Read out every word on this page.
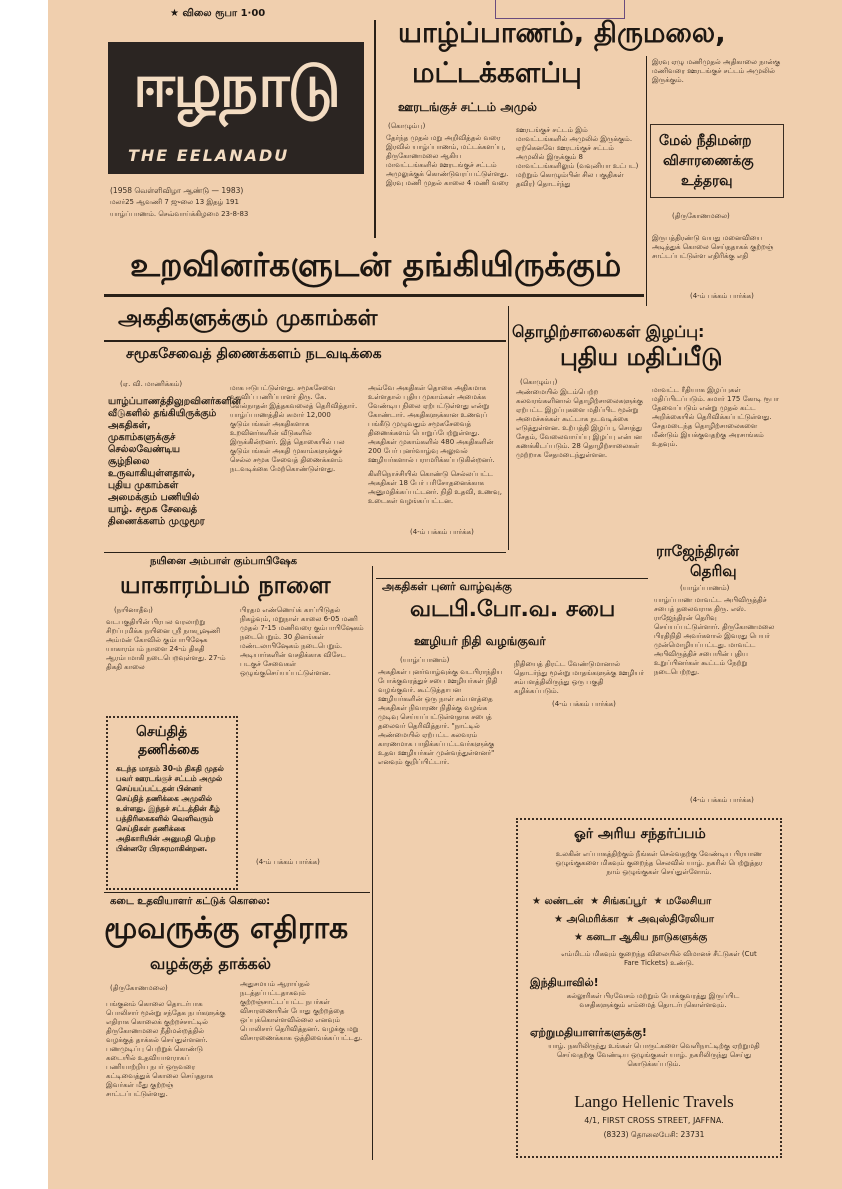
★ விலை ரூபா 1·00
ஈழநாடு
THE EELANADU
(1958 வெள்ளிவிழா ஆண்டு — 1983)
மலர்25 ஆவணி 7 ஜுலை 13 இதழ் 191
யாழ்ப்பாணம். செவ்வாய்க்கிழமை 23-8-83
யாழ்ப்பாணம், திருமலை,
மட்டக்களப்பு
ஊரடங்குச் சட்டம் அமுல்
(கொழும்பு)
தேர்ந்த முதல் மறு அறிவித்தல் வரை இரவில் யாழ்ப்பாணம், மட்டக்களப்பு, திருகோணமலை ஆகிய மாவட்டங்களில் ஊரடங்குச் சட்டம் அமுலுக்குக் கொண்டுவரப்பட்டுள்ளது. இரவு மணி முதல் காலை 4 மணி வரை
ஊரடங்குச் சட்டம் இம் மாவட்டங்களில் அமுலில் இருக்கும். ஏற்கெனவே ஊரடங்குச் சட்டம் அமுலில் இருக்கும் 8 மாவட்டங்களிலும் (வவுனியா உட்பட) மற்றும் கொழும்பின் சில பகுதிகள் தவிர) தொடர்ந்து
இரவு ஏழு மணிமுதல் அதிகாலை நான்கு மணிவரை ஊரடங்குச் சட்டம் அமுலில் இருக்கும்.
மேல் நீதிமன்ற
விசாரணைக்கு
உத்தரவு
(திருகோணமலை)
இருபத்திரண்டு வயது மனைவியை அடித்துக் கொலை செய்ததாகக் குற்றஞ் சாட்டப்பட்டுள்ள எதிரிக்கு எதி
(4-ம் பக்கம் பார்க்க)
உறவினர்களுடன் தங்கியிருக்கும்
அகதிகளுக்கும் முகாம்கள்
சமூகசேவைத் திணைக்களம் நடவடிக்கை
(ஏ. வி. மாணிக்கம்)
யாழ்ப்பாணத்திலுறவினர்களின் வீடுகளில் தங்கியிருக்கும் அகதிகள், முகாம்களுக்குச் செல்லவேண்டிய சூழ்நிலை உருவாகியுள்ளதால், புதிய முகாம்கள் அமைக்கும் பணியில் யாழ். சமூக சேவைத் திணைக்களம் முழுமூர
மாக ஈடுபட்டுள்ளது. சமூகசேவை உதவிப் பணிப்பாளர் திரு. கே. வேல்நாதன் இத்தகவலைத் தெரிவித்தார். யாழ்ப்பாணத்தில் சுமார் 12,000 குடும்பங்கள் அகதிகளாக உறவினர்களின் வீடுகளில் இருக்கின்றனர். இத் தொகையில் பல குடும்பங்கள் அகதி முகாம்களுக்குச் செல்ல சமூக சேவைத் திணைக்களம் நடவடிக்கை மேற்கொண்டுள்ளது.
அவ்வே அகதிகள் தொகை அதிகமாக உள்ளதால் புதிய முகாம்கள் அமைக்க வேண்டிய நிலை ஏற்பட்டுள்ளது என்று கோண்டார். அகதிகளுக்கான உணவுப் பங்கீடு முழுவதும் சமூகசேவைத் திணைக்களம் பொறுப்பேற்றுள்ளது. அகதிகள் முகாம்களில் 480 அகதிகளின் 200 பேர் புனர்வாழ்வு அலுவல் ஊழியர்களால் பராமரிக்கப்படுகின்றனர்.
கிளிநொச்சியில் கொண்டு செல்லப்பட்ட அகதிகள் 18 பேர் பரிசோதனைக்காக அனுமதிக்கப்பட்டனர். நிதி உதவி, உணவு, உடைகள் வழங்கப்பட்டன.
(4-ம் பக்கம் பார்க்க)
தொழிற்சாலைகள் இழப்பு:
புதிய மதிப்பீடு
(கொழும்பு)
அண்மையில் இடம்பெற்ற கலவரங்களினால் தொழிற்சாலைகளுக்கு ஏற்பட்ட இழப்புகளை மதிப்பிட மூன்று அமைச்சுக்கள் கூட்டாக நடவடிக்கை எடுத்துள்ளன. உற்பத்தி இழப்பு, சொத்து சேதம், வேலைவாய்ப்பு இழப்பு என்பன கணக்கிடப்படும். 28 தொழிற்சாலைகள் முற்றாக சேதமடைந்துள்ளன.
மாவட்ட ரீதியாக இழப்புகள் மதிப்பிடப்படும். சுமார் 175 கோடி ரூபா தேவைப்படும் என்று முதல் கட்ட அறிக்கையில் தெரிவிக்கப்பட்டுள்ளது. சேதமடைந்த தொழிற்சாலைகளை மீண்டும் இயக்குவதற்கு அரசாங்கம் உதவும்.
ராஜேந்திரன்
தெரிவு
(யாழ்ப்பாணம்)
யாழ்ப்பாண மாவட்ட அபிவிருத்திச் சபைத் தலைவராக திரு. எஸ். ராஜேந்திரன் தெரிவு செய்யப்பட்டுள்ளார். திருகோணமலை பிரதிநிதி அவர்களால் இவரது பெயர் முன்மொழியப்பட்டது. மாவட்ட அபிவிருத்திச் சபையின் புதிய உறுப்பினர்கள் கூட்டம் நேற்று நடைபெற்றது.
(4-ம் பக்கம் பார்க்க)
நயினை அம்பாள் கும்பாபிஷேக
யாகாரம்பம் நாளை
(நயினாதீவு)
வடபகுதியின் பிரபல வரலாற்று சிறப்புமிக்க நயினை ஸ்ரீ நாகபூஷணி அம்மன் கோவில் கும்பாபிஷேக யாகாரம்பம் நாளை 24-ம் திகதி ஆரம்பமாகி நடைபெறவுள்ளது. 27-ம் திகதி காலை
பிரதம எண்ணெய்க் காப்பிடுதல் நிகழ்வும், மறுநாள் காலை 6-05 மணி முதல் 7-15 மணிவரை கும்பாபிஷேகம் நடைபெறும். 30 தினங்கள் மண்டலாபிஷேகம் நடைபெறும். அடியார்களின் வசதிக்காக விசேட படகுச் சேவைகள் ஒழுங்குசெய்யப்பட்டுள்ளன.
(4-ம் பக்கம் பார்க்க)
செய்தித்
தணிக்கை
கடந்த மாதம் 30-ம் திகதி முதல் பவர் ஊரடங்குச் சட்டம் அமுல் செய்யப்பட்டதன் பின்னர் செய்தித் தணிக்கை அமுலில் உள்ளது. இந்தச் சட்டத்தின் கீழ் பத்திரிகைகளில் வெளிவரும் செய்திகள் தணிக்கை அதிகாரியின் அனுமதி பெற்ற பின்னரே பிரசுரமாகின்றன.
கடை உதவியாளர் கட்டுக் கொலை:
மூவருக்கு எதிராக
வழக்குத் தாக்கல்
(திருகோணமலை)
பங்குனம் கொலை தொடர்பாக பொலிசார் மூன்று சந்தேக நபர்களுக்கு எதிராக கொலைக் குற்றச்சாட்டில் திருகோணமலை நீதிமன்றத்தில் வழக்குத் தாக்கல் செய்துள்ளனர். பணமுடிப்பு பெற்றுக் கொண்டு கடையில் உதவியாளராகப் பணியாற்றிய நபர் ஒருவரை கட்டிவைத்துக் கொலை செய்ததாக இவர்கள் மீது குற்றஞ் சாட்டப்பட்டுள்ளது.
அதுசமயம் ஆராய்தல் நடத்தப்பட்டதாகவும் குற்றஞ்சாட்டப்பட்ட நபர்கள் விசாரணையின் போது குற்றத்தை ஒப்புக்கொள்ளவில்லை எனவும் பொலிசார் தெரிவித்தனர். வழக்கு மறு விசாரணைக்காக ஒத்திவைக்கப்பட்டது.
அகதிகள் புனர் வாழ்வுக்கு
வடபி.போ.வ. சபை
ஊழியர் நிதி வழங்குவர்
(யாழ்ப்பாணம்)
அகதிகள் புனர்வாழ்வுக்கு வடபிராந்திய போக்குவரத்துச் சபை ஊழியர்கள் நிதி வழங்குவர். கூட்டுத்தாபன ஊழியர்களின் ஒரு நாள் சம்பளத்தை அகதிகள் நிவாரண நிதிக்கு வழங்க முடிவு செய்யப்பட்டுள்ளதாக சபைத் தலைவர் தெரிவித்தார். "நாட்டில் அண்மையில் ஏற்பட்ட கலவரம் காரணமாக பாதிக்கப்பட்டவர்களுக்கு உதவ ஊழியர்கள் முன்வந்துள்ளனர்" எனவும் குறிப்பிட்டார்.
நிதியைத் திரட்ட வேண்டுமானால் தொடர்ந்து மூன்று மாதங்களுக்கு ஊழியர் சம்பளத்திலிருந்து ஒரு பகுதி கழிக்கப்படும்.
(4-ம் பக்கம் பார்க்க)
ஓர் அரிய சந்தர்ப்பம்
உலகின் எப்பாகத்திற்கும் நீங்கள் செல்வதற்கு வேண்டிய பிரயாண ஒழுங்குகளை மிகவும் குறைந்த செலவில் யாழ். நகரில் பெற்றுத்தர நாம் ஒழுங்குகள் செய்துள்ளோம்.
★ லண்டன்  ★ சிங்கப்பூர்  ★ மலேசியா
★ அமெரிக்கா  ★ அவுஸ்திரேலியா
★ கனடா ஆகிய நாடுகளுக்கு
எம்மிடம் மிகவும் குறைந்த விலையில் விமானச் சீட்டுகள் (Cut Fare Tickets) உண்டு.
இந்தியாவில்!
கல்லூரிகள் பிரவேசம் மற்றும் போக்குவரத்து இருப்பிட வசதிகளுக்கும் எம்மைத் தொடர்புகொள்ளவும்.
ஏற்றுமதியாளர்களுக்கு!
யாழ். நகரிலிருந்து உங்கள் பொருட்களை வெளிநாட்டிற்கு ஏற்றுமதி செய்வதற்கு வேண்டிய ஒழுங்குகள் யாழ். நகரிலிருந்து செய்து கொடுக்கப்படும்.
Lango Hellenic Travels
4/1, FIRST CROSS STREET, JAFFNA.
(8323) தொலைபேசி: 23731
